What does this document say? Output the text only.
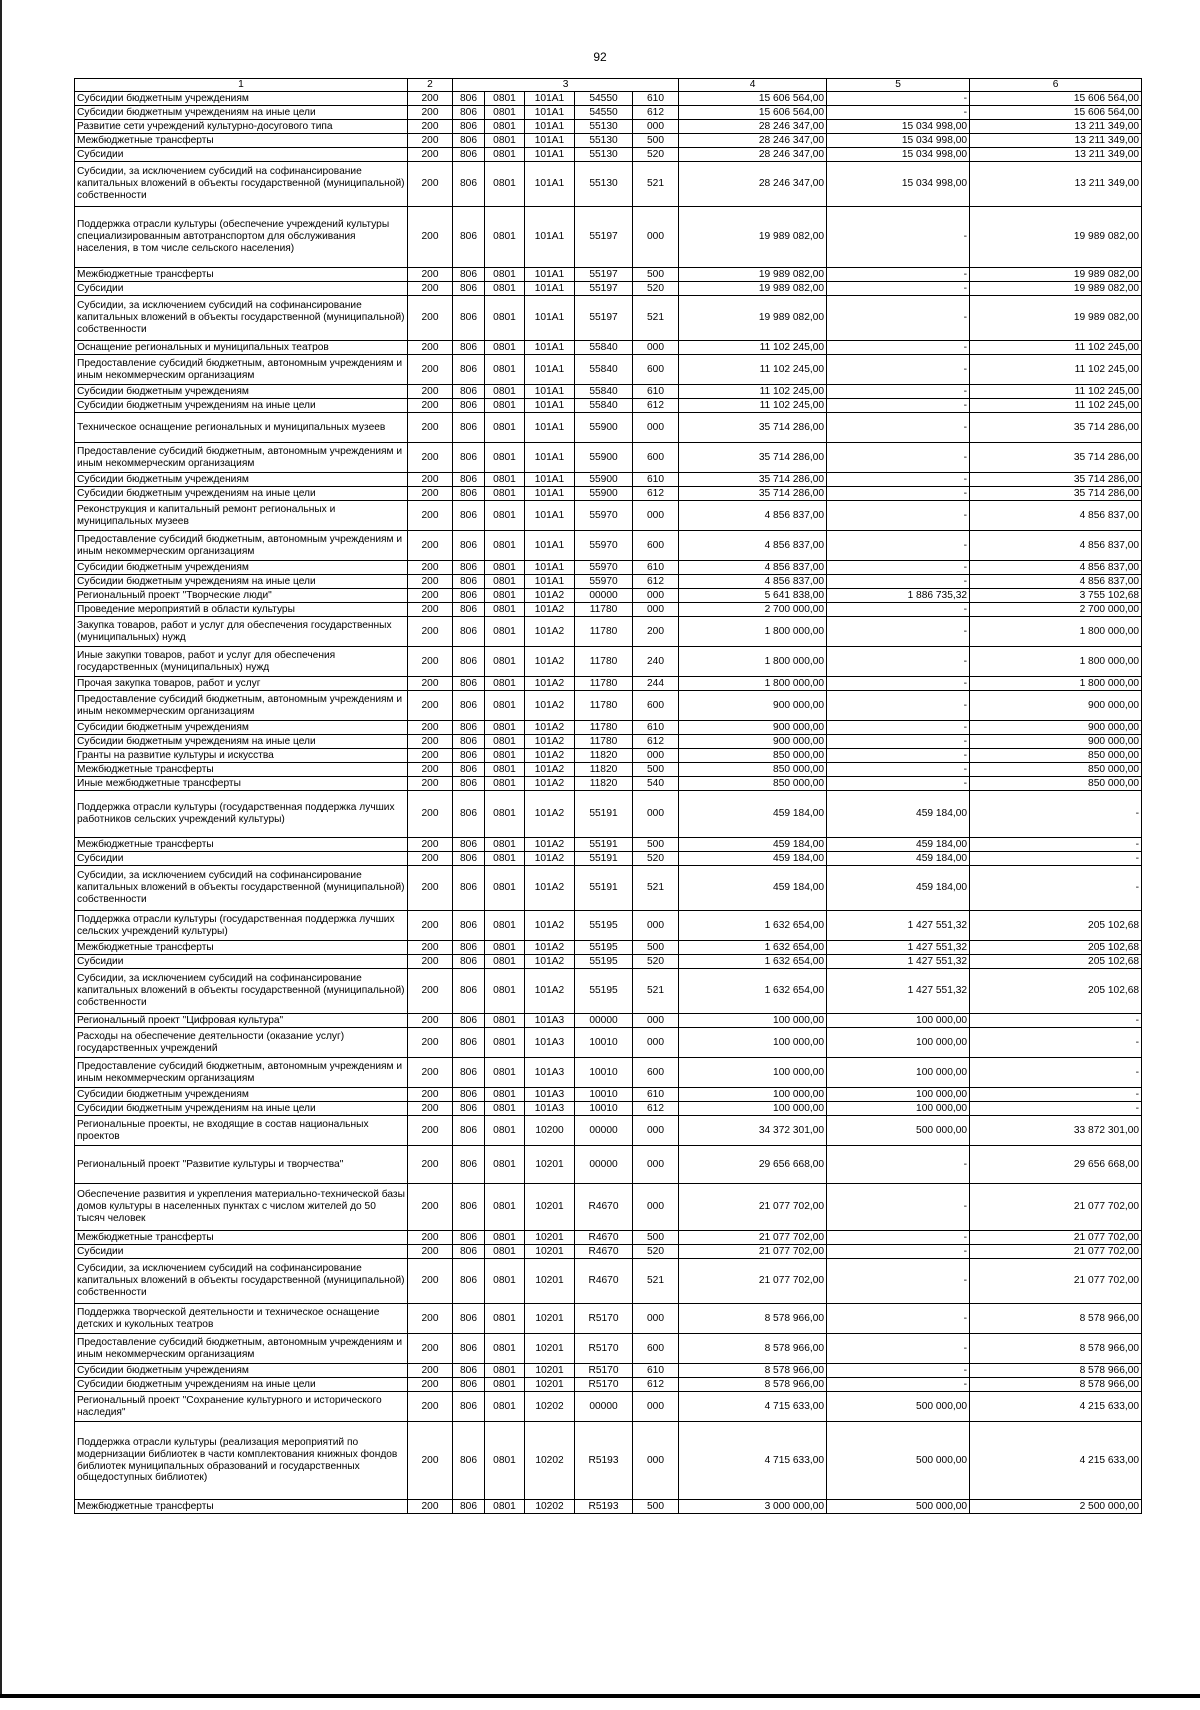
92
1	2	3					4	5	6
Субсидии бюджетным учреждениям	200	806	0801	101A1	54550	610	15 606 564,00	-	15 606 564,00
Субсидии бюджетным учреждениям на иные цели	200	806	0801	101A1	54550	612	15 606 564,00	-	15 606 564,00
Развитие сети учреждений культурно-досугового типа	200	806	0801	101A1	55130	000	28 246 347,00	15 034 998,00	13 211 349,00
Межбюджетные трансферты	200	806	0801	101A1	55130	500	28 246 347,00	15 034 998,00	13 211 349,00
Субсидии	200	806	0801	101A1	55130	520	28 246 347,00	15 034 998,00	13 211 349,00
Субсидии, за исключением субсидий на софинансирование капитальных вложений в объекты государственной (муниципальной) собственности	200	806	0801	101A1	55130	521	28 246 347,00	15 034 998,00	13 211 349,00
Поддержка отрасли культуры (обеспечение учреждений культуры специализированным автотранспортом для обслуживания населения, в том числе сельского населения)	200	806	0801	101A1	55197	000	19 989 082,00	-	19 989 082,00
Межбюджетные трансферты	200	806	0801	101A1	55197	500	19 989 082,00	-	19 989 082,00
Субсидии	200	806	0801	101A1	55197	520	19 989 082,00	-	19 989 082,00
Субсидии, за исключением субсидий на софинансирование капитальных вложений в объекты государственной (муниципальной) собственности	200	806	0801	101A1	55197	521	19 989 082,00	-	19 989 082,00
Оснащение региональных и муниципальных театров	200	806	0801	101A1	55840	000	11 102 245,00	-	11 102 245,00
Предоставление субсидий бюджетным, автономным учреждениям и иным некоммерческим организациям	200	806	0801	101A1	55840	600	11 102 245,00	-	11 102 245,00
Субсидии бюджетным учреждениям	200	806	0801	101A1	55840	610	11 102 245,00	-	11 102 245,00
Субсидии бюджетным учреждениям на иные цели	200	806	0801	101A1	55840	612	11 102 245,00	-	11 102 245,00
Техническое оснащение региональных и муниципальных музеев	200	806	0801	101A1	55900	000	35 714 286,00	-	35 714 286,00
Предоставление субсидий бюджетным, автономным учреждениям и иным некоммерческим организациям	200	806	0801	101A1	55900	600	35 714 286,00	-	35 714 286,00
Субсидии бюджетным учреждениям	200	806	0801	101A1	55900	610	35 714 286,00	-	35 714 286,00
Субсидии бюджетным учреждениям на иные цели	200	806	0801	101A1	55900	612	35 714 286,00	-	35 714 286,00
Реконструкция и капитальный ремонт региональных и муниципальных музеев	200	806	0801	101A1	55970	000	4 856 837,00	-	4 856 837,00
Предоставление субсидий бюджетным, автономным учреждениям и иным некоммерческим организациям	200	806	0801	101A1	55970	600	4 856 837,00	-	4 856 837,00
Субсидии бюджетным учреждениям	200	806	0801	101A1	55970	610	4 856 837,00	-	4 856 837,00
Субсидии бюджетным учреждениям на иные цели	200	806	0801	101A1	55970	612	4 856 837,00	-	4 856 837,00
Региональный проект "Творческие люди"	200	806	0801	101A2	00000	000	5 641 838,00	1 886 735,32	3 755 102,68
Проведение мероприятий в области культуры	200	806	0801	101A2	11780	000	2 700 000,00	-	2 700 000,00
Закупка товаров, работ и услуг для обеспечения государственных (муниципальных) нужд	200	806	0801	101A2	11780	200	1 800 000,00	-	1 800 000,00
Иные закупки товаров, работ и услуг для обеспечения государственных (муниципальных) нужд	200	806	0801	101A2	11780	240	1 800 000,00	-	1 800 000,00
Прочая закупка товаров, работ и услуг	200	806	0801	101A2	11780	244	1 800 000,00	-	1 800 000,00
Предоставление субсидий бюджетным, автономным учреждениям и иным некоммерческим организациям	200	806	0801	101A2	11780	600	900 000,00	-	900 000,00
Субсидии бюджетным учреждениям	200	806	0801	101A2	11780	610	900 000,00	-	900 000,00
Субсидии бюджетным учреждениям на иные цели	200	806	0801	101A2	11780	612	900 000,00	-	900 000,00
Гранты на развитие культуры и искусства	200	806	0801	101A2	11820	000	850 000,00	-	850 000,00
Межбюджетные трансферты	200	806	0801	101A2	11820	500	850 000,00	-	850 000,00
Иные межбюджетные трансферты	200	806	0801	101A2	11820	540	850 000,00	-	850 000,00
Поддержка отрасли культуры (государственная поддержка лучших работников сельских учреждений культуры)	200	806	0801	101A2	55191	000	459 184,00	459 184,00	-
Межбюджетные трансферты	200	806	0801	101A2	55191	500	459 184,00	459 184,00	-
Субсидии	200	806	0801	101A2	55191	520	459 184,00	459 184,00	-
Субсидии, за исключением субсидий на софинансирование капитальных вложений в объекты государственной (муниципальной) собственности	200	806	0801	101A2	55191	521	459 184,00	459 184,00	-
Поддержка отрасли культуры (государственная поддержка лучших сельских учреждений культуры)	200	806	0801	101A2	55195	000	1 632 654,00	1 427 551,32	205 102,68
Межбюджетные трансферты	200	806	0801	101A2	55195	500	1 632 654,00	1 427 551,32	205 102,68
Субсидии	200	806	0801	101A2	55195	520	1 632 654,00	1 427 551,32	205 102,68
Субсидии, за исключением субсидий на софинансирование капитальных вложений в объекты государственной (муниципальной) собственности	200	806	0801	101A2	55195	521	1 632 654,00	1 427 551,32	205 102,68
Региональный проект "Цифровая культура"	200	806	0801	101A3	00000	000	100 000,00	100 000,00	-
Расходы на обеспечение деятельности (оказание услуг) государственных учреждений	200	806	0801	101A3	10010	000	100 000,00	100 000,00	-
Предоставление субсидий бюджетным, автономным учреждениям и иным некоммерческим организациям	200	806	0801	101A3	10010	600	100 000,00	100 000,00	-
Субсидии бюджетным учреждениям	200	806	0801	101A3	10010	610	100 000,00	100 000,00	-
Субсидии бюджетным учреждениям на иные цели	200	806	0801	101A3	10010	612	100 000,00	100 000,00	-
Региональные проекты, не входящие в состав национальных проектов	200	806	0801	10200	00000	000	34 372 301,00	500 000,00	33 872 301,00
Региональный проект "Развитие культуры и творчества"	200	806	0801	10201	00000	000	29 656 668,00	-	29 656 668,00
Обеспечение развития и укрепления материально-технической базы домов культуры в населенных пунктах с числом жителей до 50 тысяч человек	200	806	0801	10201	R4670	000	21 077 702,00	-	21 077 702,00
Межбюджетные трансферты	200	806	0801	10201	R4670	500	21 077 702,00	-	21 077 702,00
Субсидии	200	806	0801	10201	R4670	520	21 077 702,00	-	21 077 702,00
Субсидии, за исключением субсидий на софинансирование капитальных вложений в объекты государственной (муниципальной) собственности	200	806	0801	10201	R4670	521	21 077 702,00	-	21 077 702,00
Поддержка творческой деятельности и техническое оснащение детских и кукольных театров	200	806	0801	10201	R5170	000	8 578 966,00	-	8 578 966,00
Предоставление субсидий бюджетным, автономным учреждениям и иным некоммерческим организациям	200	806	0801	10201	R5170	600	8 578 966,00	-	8 578 966,00
Субсидии бюджетным учреждениям	200	806	0801	10201	R5170	610	8 578 966,00	-	8 578 966,00
Субсидии бюджетным учреждениям на иные цели	200	806	0801	10201	R5170	612	8 578 966,00	-	8 578 966,00
Региональный проект "Сохранение культурного и исторического наследия"	200	806	0801	10202	00000	000	4 715 633,00	500 000,00	4 215 633,00
Поддержка отрасли культуры (реализация мероприятий по модернизации библиотек в части комплектования книжных фондов библиотек муниципальных образований и государственных общедоступных библиотек)	200	806	0801	10202	R5193	000	4 715 633,00	500 000,00	4 215 633,00
Межбюджетные трансферты	200	806	0801	10202	R5193	500	3 000 000,00	500 000,00	2 500 000,00
